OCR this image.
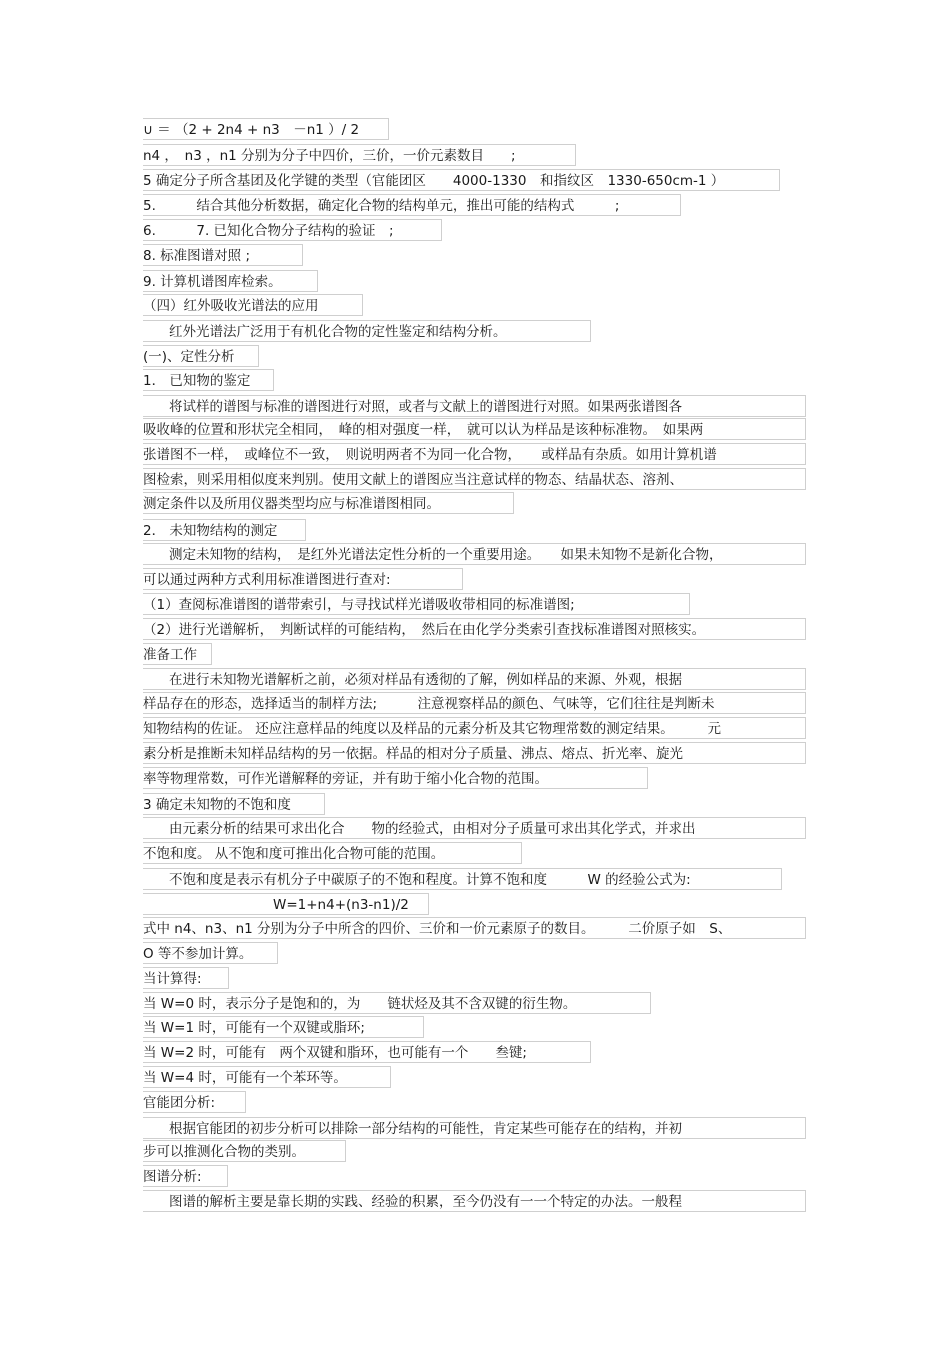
∪ ＝ （2 + 2n4 + n3　－n1 ）/ 2
n4 ，　n3 ，n1 分别为分子中四价，三价，一价元素数目　　;
5 确定分子所含基团及化学键的类型（官能团区　　4000-1330　和指纹区　1330-650cm-1 ）
5.　　　结合其他分析数据，确定化合物的结构单元，推出可能的结构式　　　;
6.　　　7. 已知化合物分子结构的验证　;
8. 标准图谱对照 ;
9. 计算机谱图库检索。
（四）红外吸收光谱法的应用
红外光谱法广泛用于有机化合物的定性鉴定和结构分析。
(一)、定性分析
1． 已知物的鉴定
将试样的谱图与标准的谱图进行对照，或者与文献上的谱图进行对照。如果两张谱图各
吸收峰的位置和形状完全相同，　峰的相对强度一样，　就可以认为样品是该种标准物。　如果两
张谱图不一样，　或峰位不一致，　则说明两者不为同一化合物，　　或样品有杂质。如用计算机谱
图检索，则采用相似度来判别。使用文献上的谱图应当注意试样的物态、结晶状态、溶剂、
测定条件以及所用仪器类型均应与标准谱图相同。
2． 未知物结构的测定
测定未知物的结构，　是红外光谱法定性分析的一个重要用途。　　如果未知物不是新化合物，
可以通过两种方式利用标准谱图进行查对:
（1）查阅标准谱图的谱带索引，与寻找试样光谱吸收带相同的标准谱图;
（2）进行光谱解析，　判断试样的可能结构，　然后在由化学分类索引查找标准谱图对照核实。
准备工作
在进行未知物光谱解析之前，必须对样品有透彻的了解，例如样品的来源、外观，根据
样品存在的形态，选择适当的制样方法;　　　注意视察样品的颜色、气味等，它们往往是判断未
知物结构的佐证。 还应注意样品的纯度以及样品的元素分析及其它物理常数的测定结果。　　　元
素分析是推断未知样品结构的另一依据。样品的相对分子质量、沸点、熔点、折光率、旋光
率等物理常数，可作光谱解释的旁证，并有助于缩小化合物的范围。
3 确定未知物的不饱和度
由元素分析的结果可求出化合　　物的经验式，由相对分子质量可求出其化学式，并求出
不饱和度。 从不饱和度可推出化合物可能的范围。
不饱和度是表示有机分子中碳原子的不饱和程度。计算不饱和度　　　W 的经验公式为:
W=1+n4+(n3-n1)/2
式中 n4、n3、n1 分别为分子中所含的四价、三价和一价元素原子的数目。　　　二价原子如　S、
O 等不参加计算。
当计算得:
当 W=0 时，表示分子是饱和的，为　　链状烃及其不含双键的衍生物。
当 W=1 时，可能有一个双键或脂环;
当 W=2 时，可能有　两个双键和脂环，也可能有一个　　叁键;
当 W=4 时，可能有一个苯环等。
官能团分析:
根据官能团的初步分析可以排除一部分结构的可能性，肯定某些可能存在的结构，并初
步可以推测化合物的类别。
图谱分析:
图谱的解析主要是靠长期的实践、经验的积累，至今仍没有一一个特定的办法。一般程
